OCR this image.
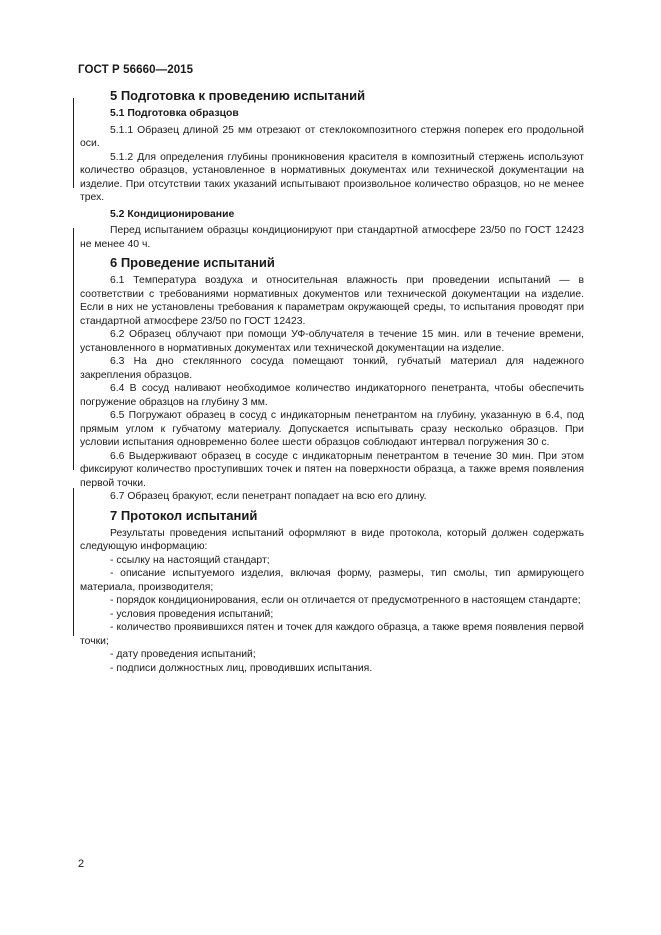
ГОСТ Р 56660—2015
5 Подготовка к проведению испытаний
5.1 Подготовка образцов

5.1.1 Образец длиной 25 мм отрезают от стеклокомпозитного стержня поперек его продольной оси.

5.1.2 Для определения глубины проникновения красителя в композитный стержень используют количество образцов, установленное в нормативных документах или технической документации на изделие. При отсутствии таких указаний испытывают произвольное количество образцов, но не менее трех.

5.2 Кондиционирование

Перед испытанием образцы кондиционируют при стандартной атмосфере 23/50 по ГОСТ 12423 не менее 40 ч.

6 Проведение испытаний

6.1 Температура воздуха и относительная влажность при проведении испытаний — в соответствии с требованиями нормативных документов или технической документации на изделие. Если в них не установлены требования к параметрам окружающей среды, то испытания проводят при стандартной атмосфере 23/50 по ГОСТ 12423.

6.2 Образец облучают при помощи УФ-облучателя в течение 15 мин. или в течение времени, установленного в нормативных документах или технической документации на изделие.

6.3 На дно стеклянного сосуда помещают тонкий, губчатый материал для надежного закрепления образцов.

6.4 В сосуд наливают необходимое количество индикаторного пенетранта, чтобы обеспечить погружение образцов на глубину 3 мм.

6.5 Погружают образец в сосуд с индикаторным пенетрантом на глубину, указанную в 6.4, под прямым углом к губчатому материалу. Допускается испытывать сразу несколько образцов. При условии испытания одновременно более шести образцов соблюдают интервал погружения 30 с.

6.6 Выдерживают образец в сосуде с индикаторным пенетрантом в течение 30 мин. При этом фиксируют количество проступивших точек и пятен на поверхности образца, а также время появления первой точки.

6.7 Образец бракуют, если пенетрант попадает на всю его длину.

7 Протокол испытаний

Результаты проведения испытаний оформляют в виде протокола, который должен содержать следующую информацию:

- ссылку на настоящий стандарт;

- описание испытуемого изделия, включая форму, размеры, тип смолы, тип армирующего материала, производителя;

- порядок кондиционирования, если он отличается от предусмотренного в настоящем стандарте;

- условия проведения испытаний;

- количество проявившихся пятен и точек для каждого образца, а также время появления первой точки;

- дату проведения испытаний;

- подписи должностных лиц, проводивших испытания.

2
